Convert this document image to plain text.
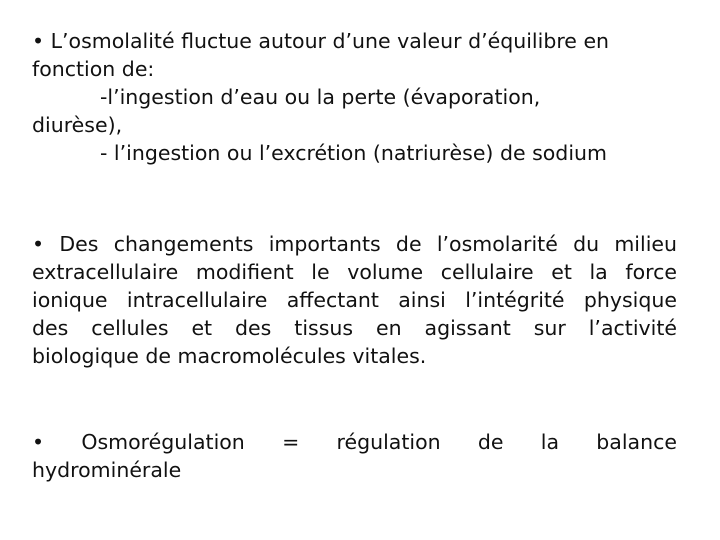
• L’osmolalité fluctue autour d’une valeur d’équilibre en
fonction de:
-l’ingestion d’eau ou la perte (évaporation,
diurèse),
- l’ingestion ou l’excrétion (natriurèse) de sodium
• Des changements importants de l’osmolarité du milieu
extracellulaire modifient le volume cellulaire et la force
ionique intracellulaire affectant ainsi l’intégrité physique
des cellules et des tissus en agissant sur l’activité
biologique de macromolécules vitales.
• Osmorégulation = régulation de la balance
hydrominérale
